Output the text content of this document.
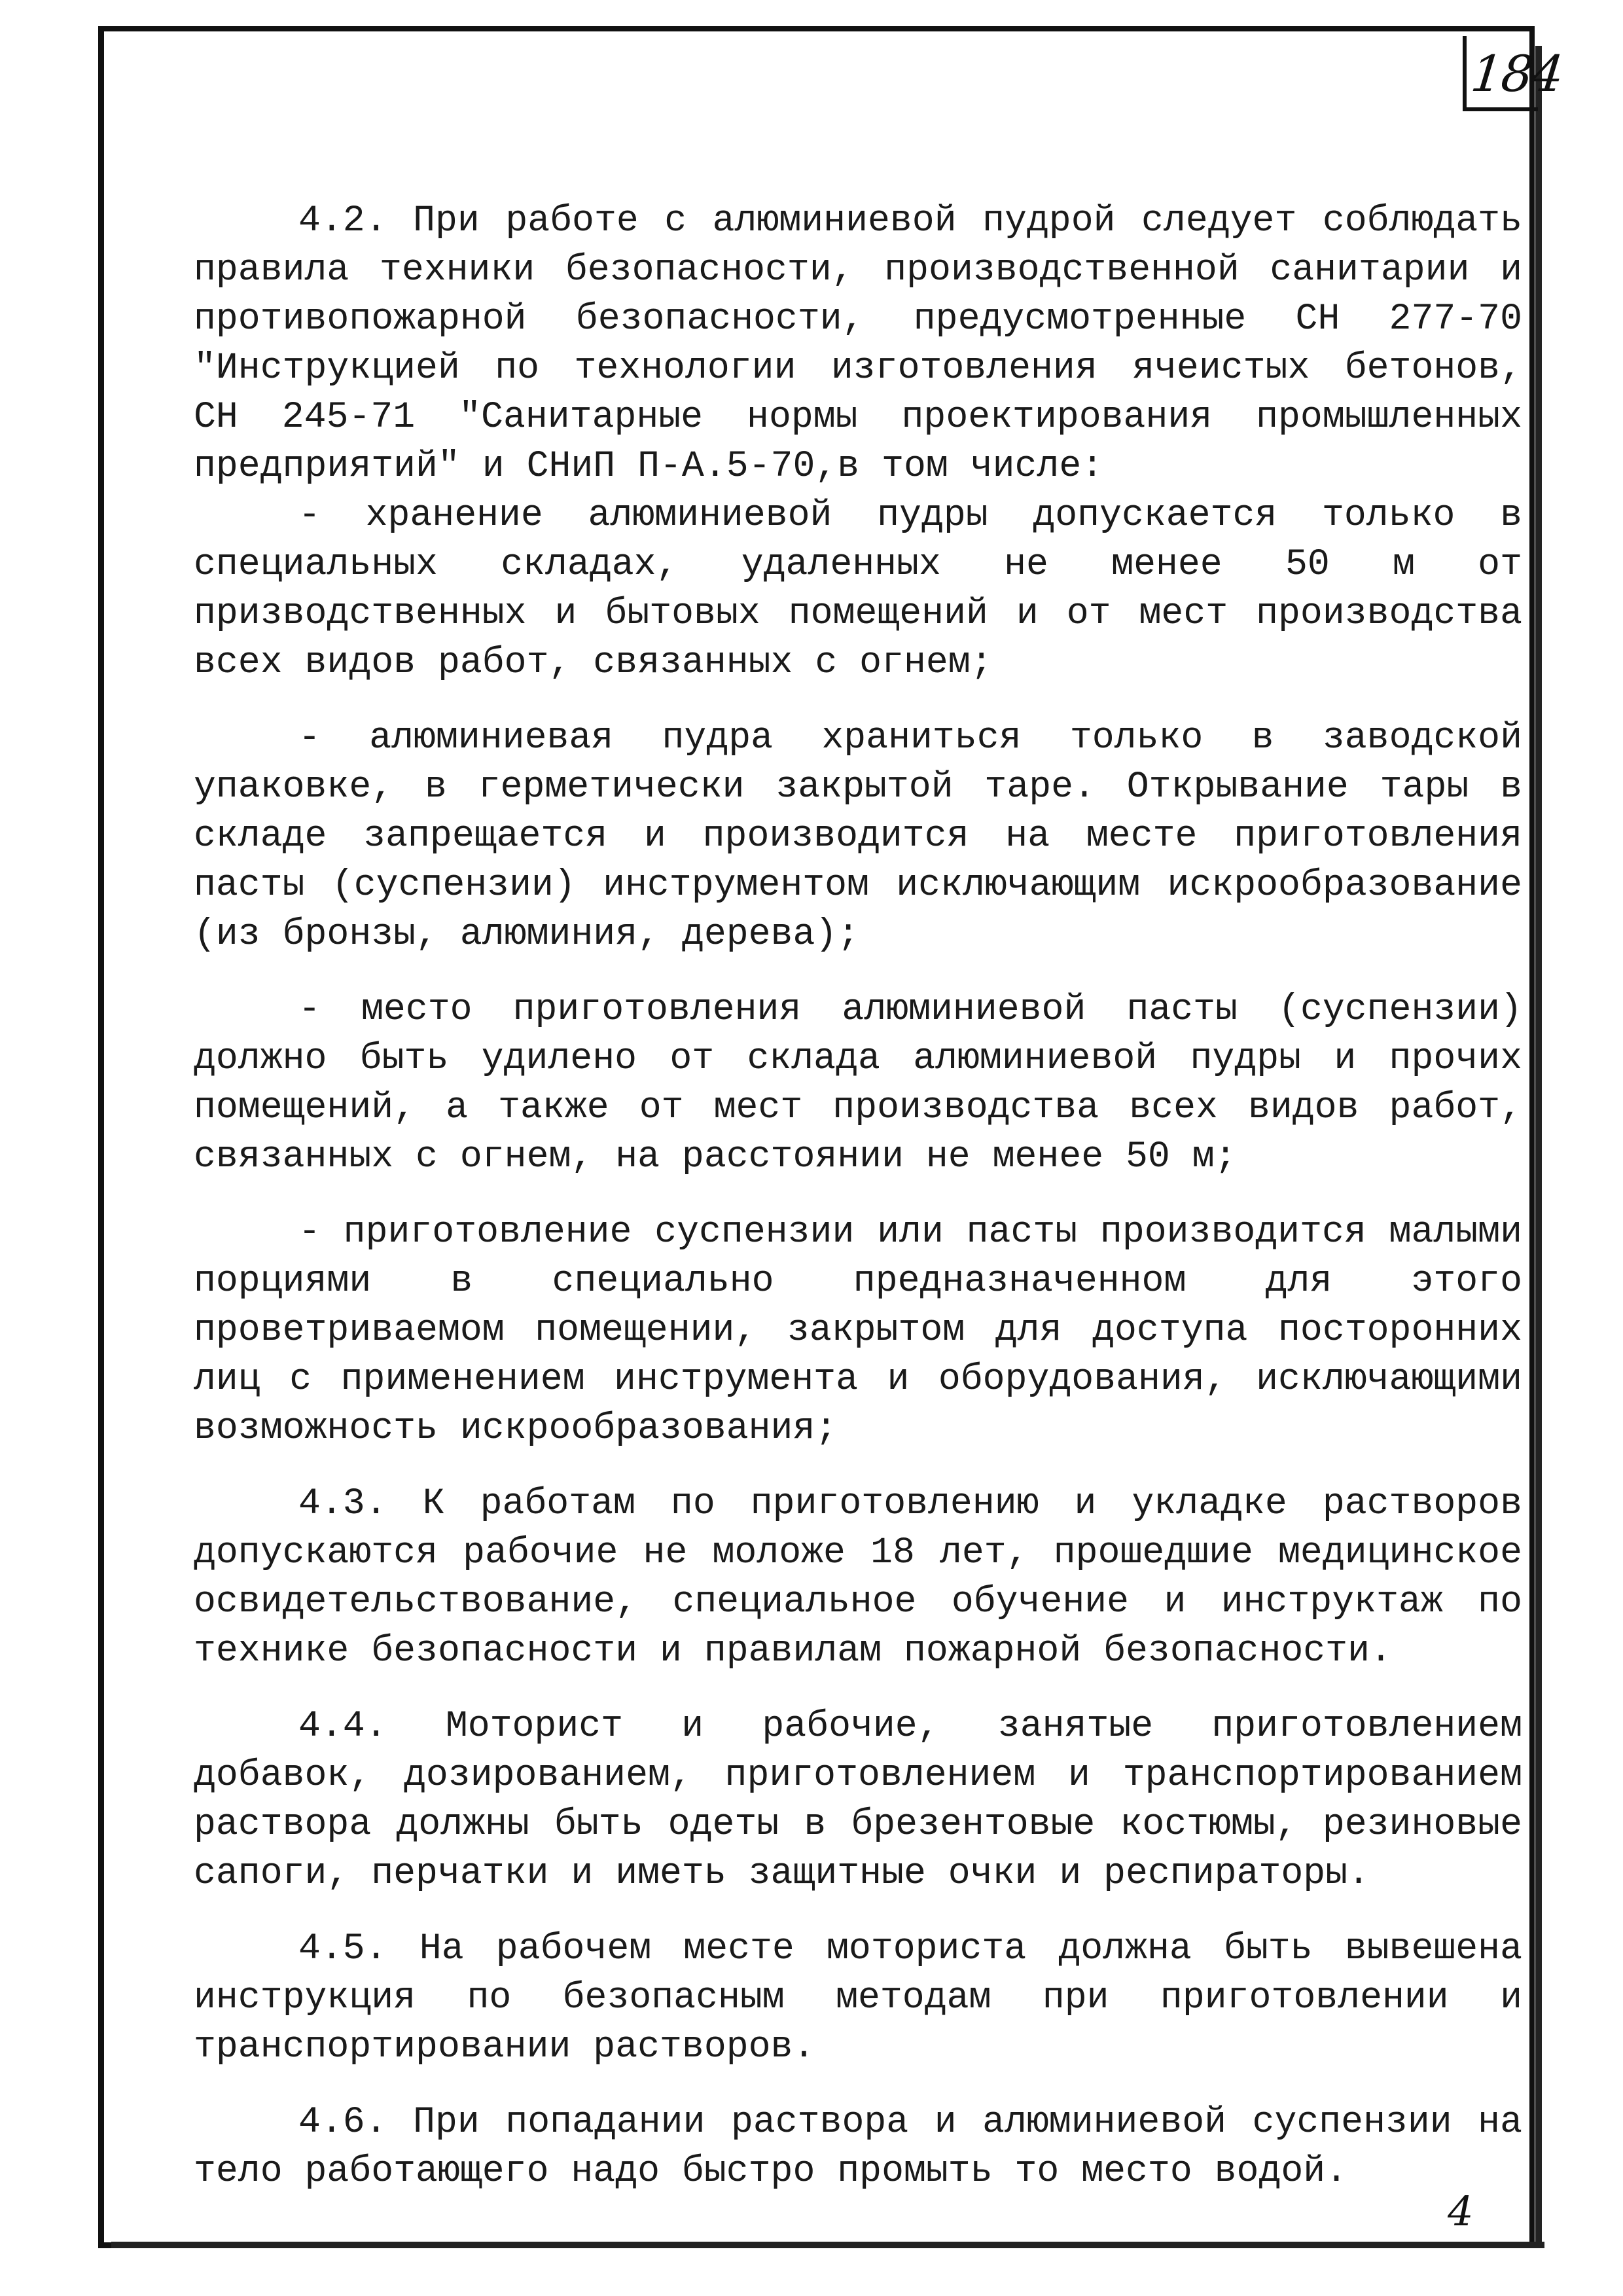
184

4.2. При работе с алюминиевой пудрой следует соблюдать правила техники безопасности, производственной санитарии и противопожарной безопасности, предусмотренные СН 277-70 "Инструкцией по технологии изготовления ячеистых бетонов, СН 245-71 "Санитарные нормы проектирования промышленных предприятий" и СНиП П-А.5-70,в том числе:

- хранение алюминиевой пудры допускается только в специальных складах, удаленных не менее 50 м от призводственных и бытовых помещений и от мест производства всех видов работ, связанных с огнем;

- алюминиевая пудра храниться только в заводской упаковке, в герметически закрытой таре. Открывание тары в складе запрещается и производится на месте приготовления пасты (суспензии) инструментом исключающим искрообразование (из бронзы, алюминия, дерева);

- место приготовления алюминиевой пасты (суспензии) должно быть удилено от склада алюминиевой пудры и прочих помещений, а также от мест производства всех видов работ, связанных с огнем, на расстоянии не менее 50 м;

- приготовление суспензии или пасты производится малыми порциями в специально предназначенном для этого проветриваемом помещении, закрытом для доступа посторонних лиц с применением инструмента и оборудования, исключающими возможность искрообразования;

4.3. К работам по приготовлению и укладке растворов допускаются рабочие не моложе 18 лет, прошедшие медицинское освидетельствование, специальное обучение и инструктаж по технике безопасности и правилам пожарной безопасности.

4.4. Моторист и рабочие, занятые приготовлением добавок, дозированием, приготовлением и транспортированием раствора должны быть одеты в брезентовые костюмы, резиновые сапоги, перчатки и иметь защитные очки и респираторы.

4.5. На рабочем месте моториста должна быть вывешена инструкция по безопасным методам при приготовлении и транспортировании растворов.

4.6. При попадании раствора и алюминиевой суспензии на тело работающего надо быстро промыть то место водой.

4
